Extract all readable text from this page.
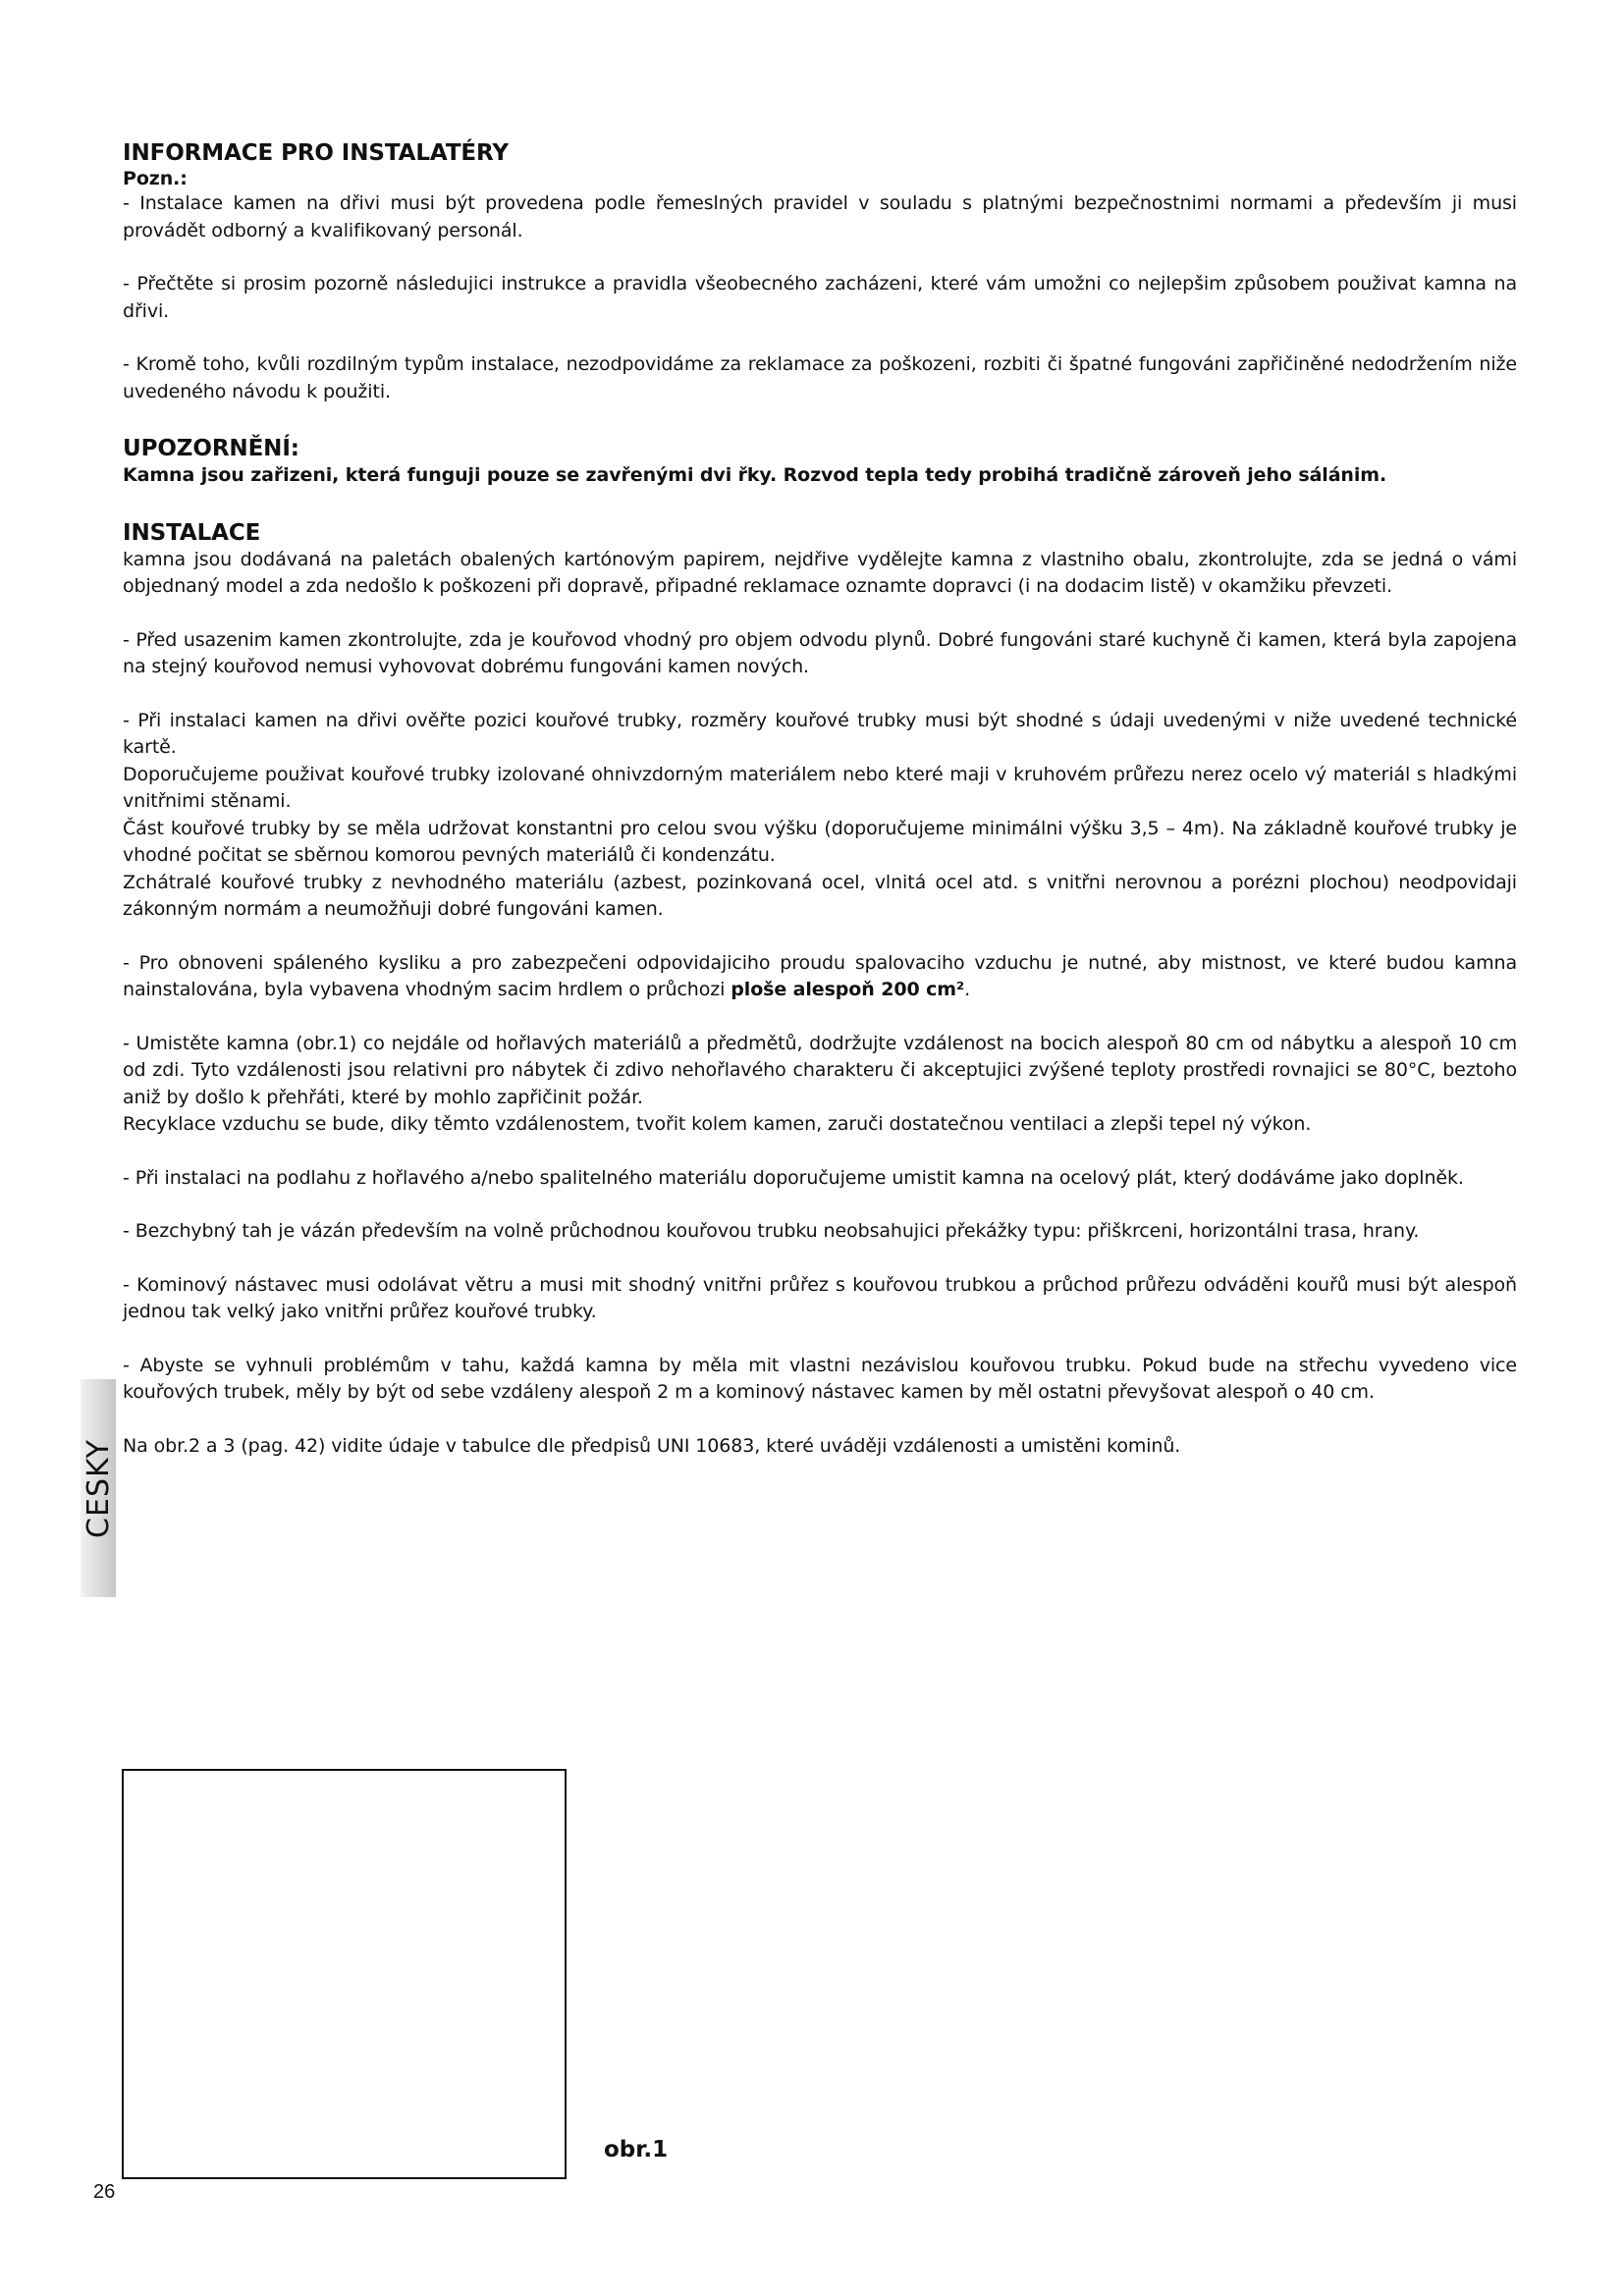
INFORMACE PRO INSTALATÉRY

Pozn.:

- Instalace kamen na dřivi musi být provedena podle řemeslných pravidel v souladu s platnými bezpečnostnimi normami a především ji musi provádět odborný a kvalifikovaný personál.

- Přečtěte si prosim pozorně následujici instrukce a pravidla všeobecného zacházeni, které vám umožni co nejlepšim způsobem použivat kamna na dřivi.

- Kromě toho, kvůli rozdilným typům instalace, nezodpovidáme za reklamace za poškozeni, rozbiti či špatné fungováni zapřičiněné nedodržením niže uvedeného návodu k použiti.

UPOZORNĚNÍ:

Kamna jsou zařizeni, která funguji pouze se zavřenými dvi řky. Rozvod tepla tedy probihá tradičně zároveň jeho sálánim.

INSTALACE

kamna jsou dodávaná na paletách obalených kartónovým papirem, nejdřive vydělejte kamna z vlastniho obalu, zkontrolujte, zda se jedná o vámi objednaný model a zda nedošlo k poškozeni při dopravě, připadné reklamace oznamte dopravci (i na dodacim listě) v okamžiku převzeti.

- Před usazenim kamen zkontrolujte, zda je kouřovod vhodný pro objem odvodu plynů. Dobré fungováni staré kuchyně či kamen, která byla zapojena na stejný kouřovod nemusi vyhovovat dobrému fungováni kamen nových.

- Při instalaci kamen na dřivi ověřte pozici kouřové trubky, rozměry kouřové trubky musi být shodné s údaji uvedenými v niže uvedené technické kartě.

Doporučujeme použivat kouřové trubky izolované ohnivzdorným materiálem nebo které maji v kruhovém průřezu nerez ocelo vý materiál s hladkými vnitřnimi stěnami.

Část kouřové trubky by se měla udržovat konstantni pro celou svou výšku (doporučujeme minimálni výšku 3,5 – 4m). Na základně kouřové trubky je vhodné počitat se sběrnou komorou pevných materiálů či kondenzátu.

Zchátralé kouřové trubky z nevhodného materiálu (azbest, pozinkovaná ocel, vlnitá ocel atd. s vnitřni nerovnou a porézni plochou) neodpovidaji zákonným normám a neumožňuji dobré fungováni kamen.

- Pro obnoveni spáleného kysliku a pro zabezpečeni odpovidajiciho proudu spalovaciho vzduchu je nutné, aby mistnost, ve které budou kamna nainstalována, byla vybavena vhodným sacim hrdlem o průchozi ploše alespoň 200 cm².

- Umistěte kamna (obr.1) co nejdále od hořlavých materiálů a předmětů, dodržujte vzdálenost na bocich alespoň 80 cm od nábytku a alespoň 10 cm od zdi. Tyto vzdálenosti jsou relativni pro nábytek či zdivo nehořlavého charakteru či akceptujici zvýšené teploty prostředi rovnajici se 80°C, beztoho aniž by došlo k přehřáti, které by mohlo zapřičinit požár.

Recyklace vzduchu se bude, diky těmto vzdálenostem, tvořit kolem kamen, zaruči dostatečnou ventilaci a zlepši tepel ný výkon.

- Při instalaci na podlahu z hořlavého a/nebo spalitelného materiálu doporučujeme umistit kamna na ocelový plát, který dodáváme jako doplněk.

- Bezchybný tah je vázán především na volně průchodnou kouřovou trubku neobsahujici překážky typu: přiškrceni, horizontálni trasa, hrany.

- Kominový nástavec musi odolávat větru a musi mit shodný vnitřni průřez s kouřovou trubkou a průchod průřezu odváděni kouřů musi být alespoň jednou tak velký jako vnitřni průřez kouřové trubky.

- Abyste se vyhnuli problémům v tahu, každá kamna by měla mit vlastni nezávislou kouřovou trubku. Pokud bude na střechu vyvedeno vice kouřových trubek, měly by být od sebe vzdáleny alespoň 2 m a kominový nástavec kamen by měl ostatni převyšovat alespoň o 40 cm.

Na obr.2 a 3 (pag. 42) vidite údaje v tabulce dle předpisů UNI 10683, které uváději vzdálenosti a umistěni kominů.

CESKY
obr.1
26
